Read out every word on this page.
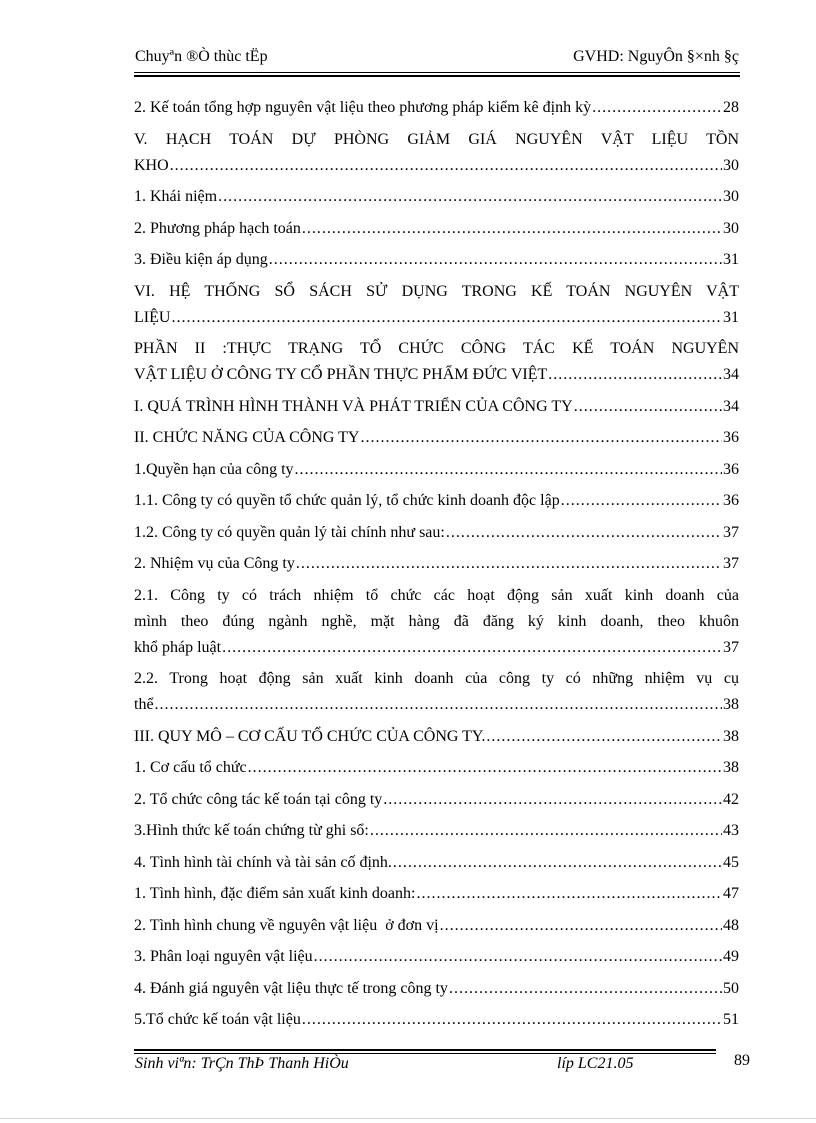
Chuyªn ®Ò thùc tËp	GVHD: NguyÔn §×nh §ç
2. Kế toán tổng hợp nguyên vật liệu theo phương pháp kiểm kê định kỳ .....	28
V. HẠCH TOÁN DỰ PHÒNG GIẢM GIÁ NGUYÊN VẬT LIỆU TỒN
KHO .....	30
1. Khái niệm .....	30
2. Phương pháp hạch toán .....	30
3. Điều kiện áp dụng .....	31
VI. HỆ THỐNG SỔ SÁCH SỬ DỤNG TRONG KẾ TOÁN NGUYÊN VẬT
LIỆU .....	31
PHẦN II :THỰC TRẠNG TỔ CHỨC CÔNG TÁC KẾ TOÁN NGUYÊN
VẬT LIỆU Ở CÔNG TY CỔ PHẦN THỰC PHẨM ĐỨC VIỆT .....	34
I. QUÁ TRÌNH HÌNH THÀNH VÀ PHÁT TRIỂN CỦA CÔNG TY .....	34
II. CHỨC NĂNG CỦA CÔNG TY .....	36
1.Quyền hạn của công ty .....	36
1.1. Công ty có quyền tổ chức quản lý, tổ chức kinh doanh độc lập .....	36
1.2. Công ty có quyền quản lý tài chính như sau: .....	37
2. Nhiệm vụ của Công ty .....	37
2.1. Công ty có trách nhiệm tổ chức các hoạt động sản xuất kinh doanh của
mình theo đúng ngành nghề, mặt hàng đã đăng ký kinh doanh, theo khuôn
khổ pháp luật .....	37
2.2. Trong hoạt động sản xuất kinh doanh của công ty có những nhiệm vụ cụ
thể .....	38
III. QUY MÔ – CƠ CẤU TỔ CHỨC CỦA CÔNG TY. .....	38
1. Cơ cấu tổ chức .....	38
2. Tổ chức công tác kế toán tại công ty .....	42
3.Hình thức kế toán chứng từ ghi sổ: .....	43
4. Tình hình tài chính và tài sản cố định. .....	45
1. Tình hình, đặc điểm sản xuất kinh doanh: .....	47
2. Tình hình chung về nguyên vật liệu  ở đơn vị .....	48
3. Phân loại nguyên vật liệu .....	49
4. Đánh giá nguyên vật liệu thực tế trong công ty .....	50
5.Tổ chức kế toán vật liệu .....	51
Sinh viªn: TrÇn ThÞ Thanh HiÒu	líp LC21.05	89
